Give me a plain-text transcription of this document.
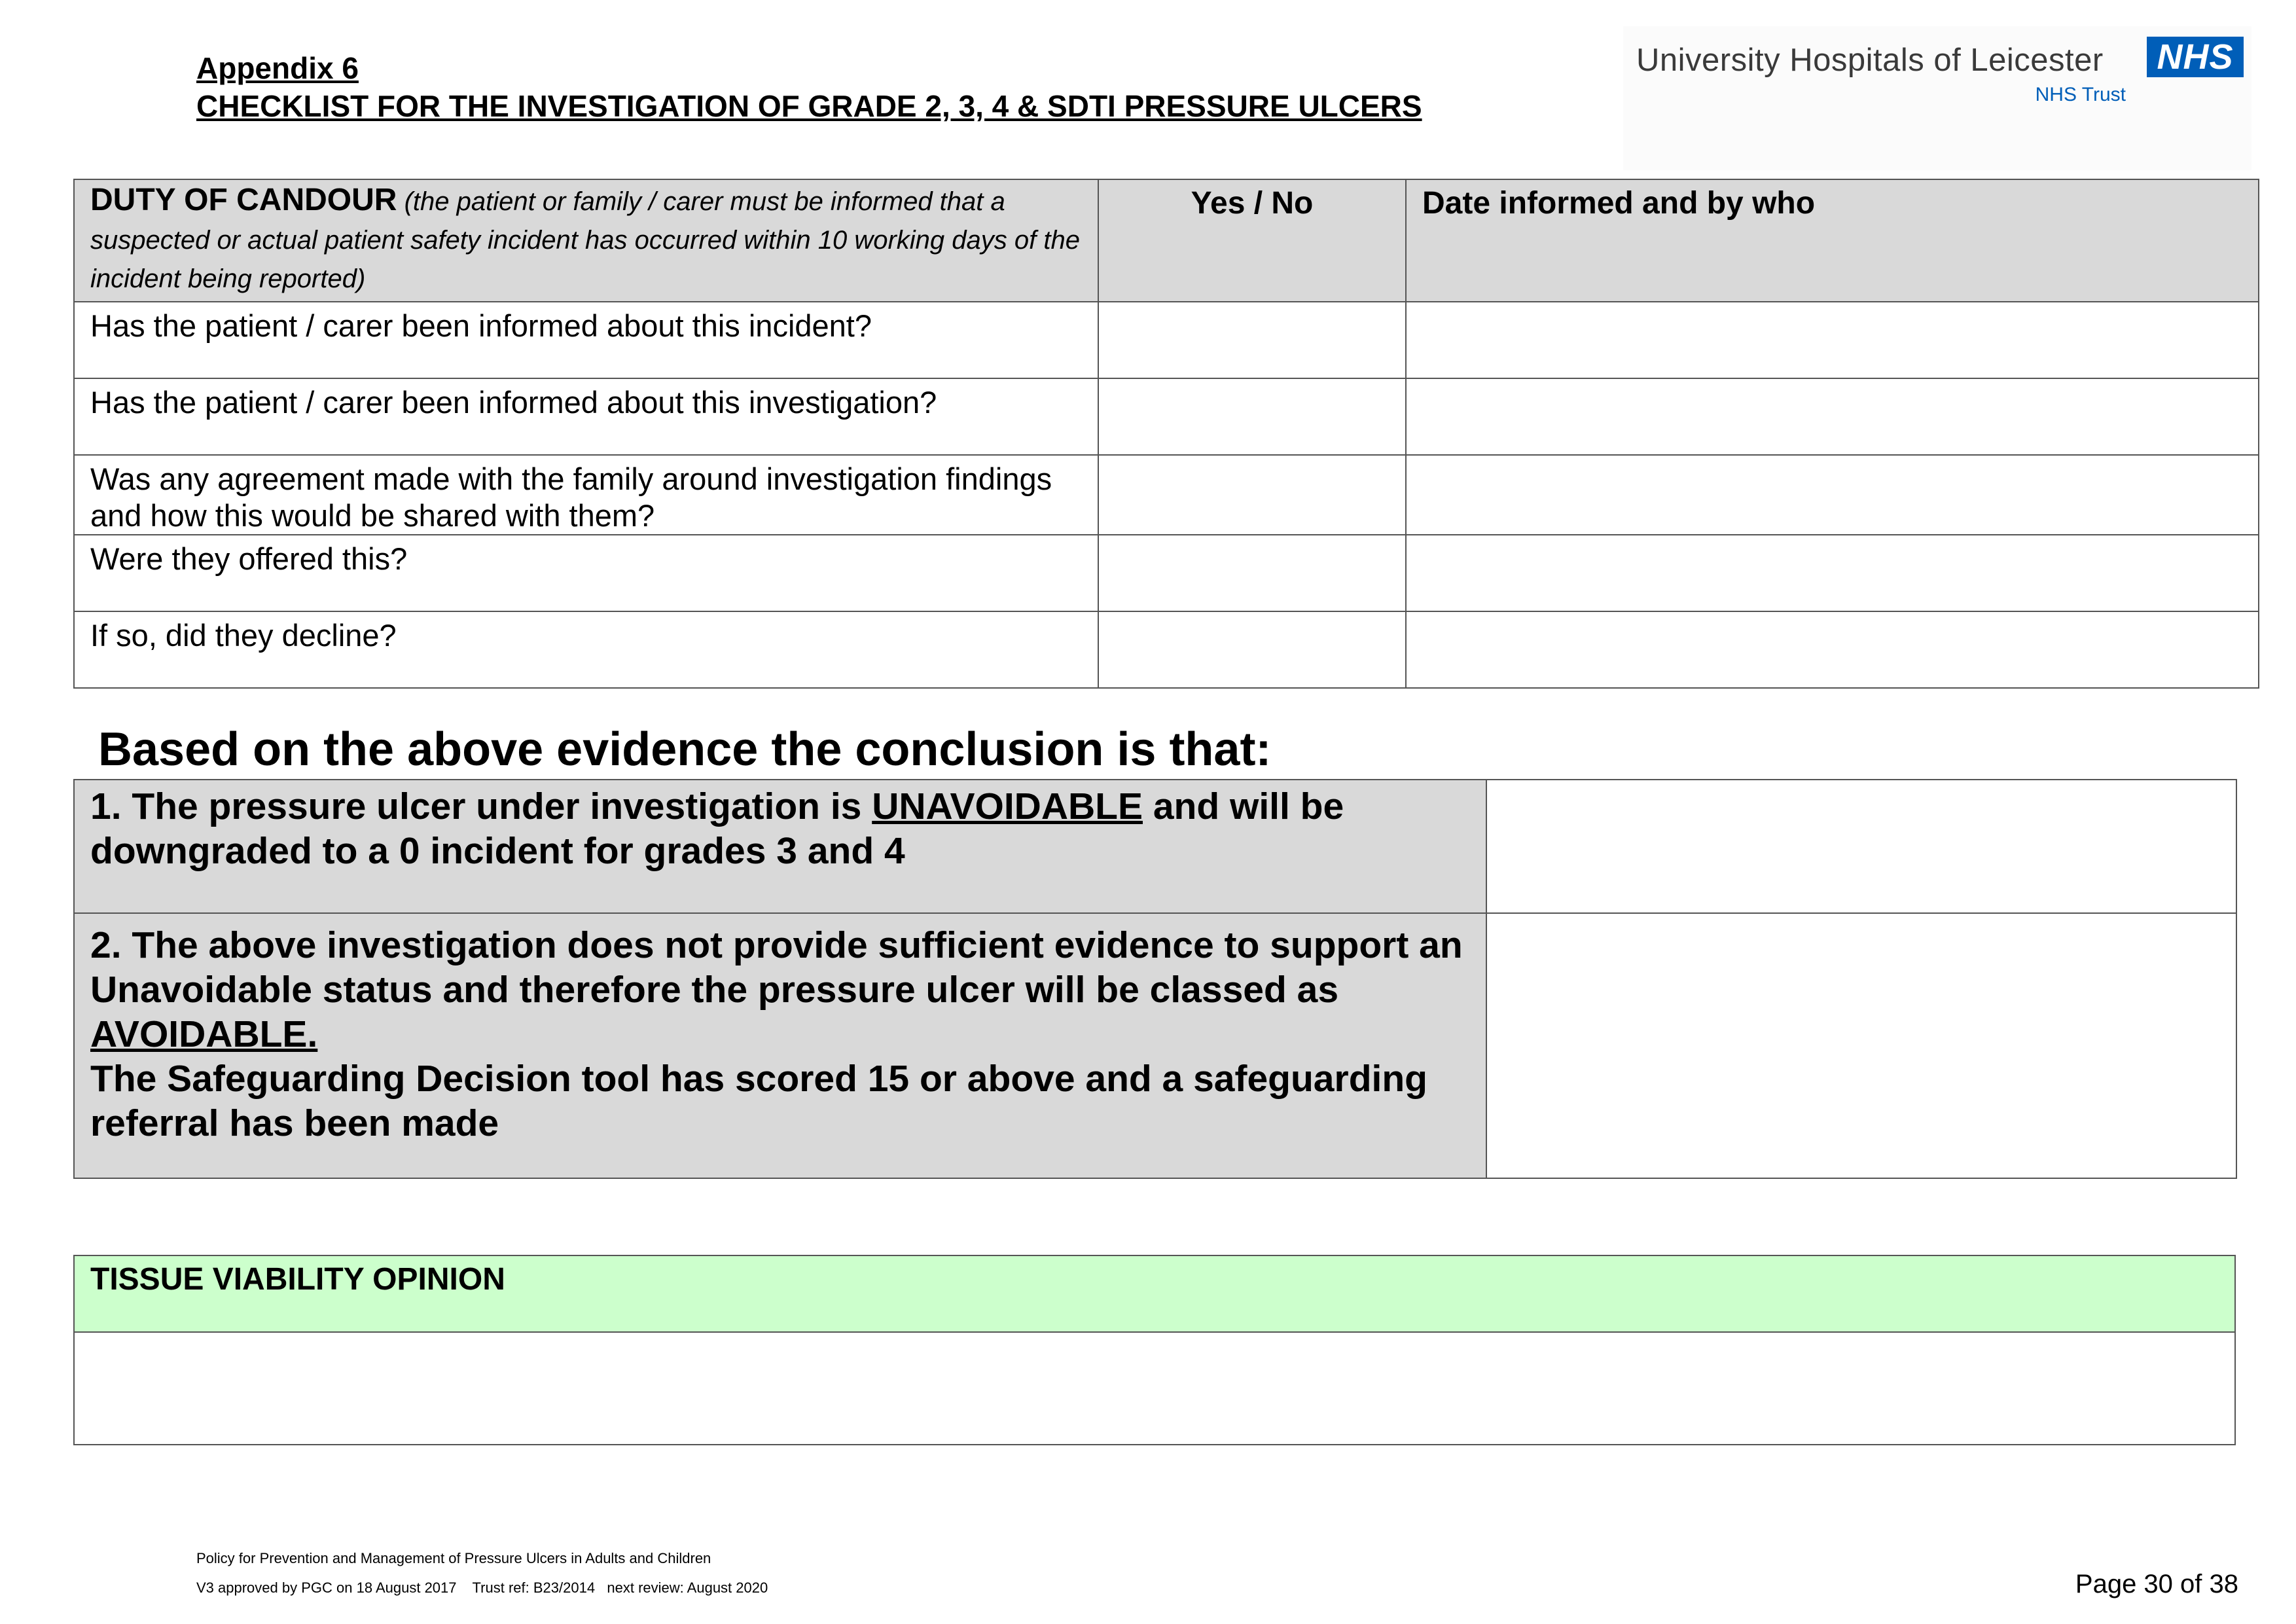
Appendix 6
CHECKLIST FOR THE INVESTIGATION OF GRADE 2, 3, 4 & SDTI PRESSURE ULCERS
University Hospitals of Leicester NHS
NHS Trust
DUTY OF CANDOUR (the patient or family / carer must be informed that a suspected or actual patient safety incident has occurred within 10 working days of the incident being reported)	Yes / No	Date informed and by who

Has the patient / carer been informed about this incident?		

Has the patient / carer been informed about this investigation?		

Was any agreement made with the family around investigation findings and how this would be shared with them?		

Were they offered this?		

If so, did they decline?		

Based on the above evidence the conclusion is that:
1. The pressure ulcer under investigation is UNAVOIDABLE and will be downgraded to a 0 incident for grades 3 and 4	

2. The above investigation does not provide sufficient evidence to support an Unavoidable status and therefore the pressure ulcer will be classed as AVOIDABLE.
The Safeguarding Decision tool has scored 15 or above and a safeguarding referral has been made	

TISSUE VIABILITY OPINION

Policy for Prevention and Management of Pressure Ulcers in Adults and Children
V3 approved by PGC on 18 August 2017    Trust ref: B23/2014   next review: August 2020	Page 30 of 38
